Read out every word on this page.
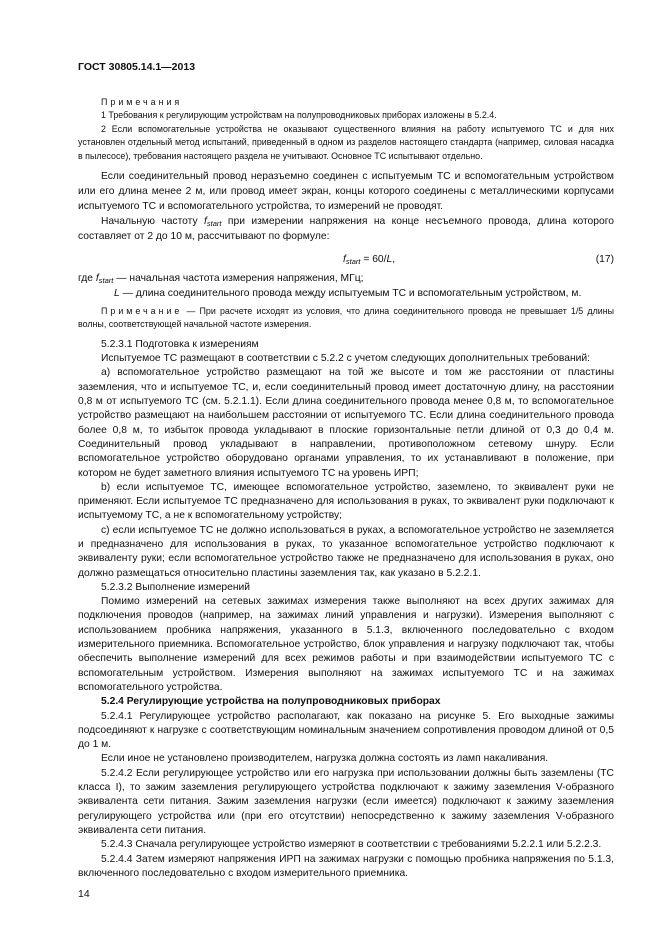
ГОСТ 30805.14.1—2013

Примечания

1 Требования к регулирующим устройствам на полупроводниковых приборах изложены в 5.2.4.

2 Если вспомогательные устройства не оказывают существенного влияния на работу испытуемого ТС и для них установлен отдельный метод испытаний, приведенный в одном из разделов настоящего стандарта (например, силовая насадка в пылесосе), требования настоящего раздела не учитывают. Основное ТС испытывают отдельно.

Если соединительный провод неразъемно соединен с испытуемым ТС и вспомогательным устройством или его длина менее 2 м, или провод имеет экран, концы которого соединены с металлическими корпусами испытуемого ТС и вспомогательного устройства, то измерений не проводят.

Начальную частоту $f_{start}$ при измерении напряжения на конце несъемного провода, длина которого составляет от 2 до 10 м, рассчитывают по формуле:

$f_{start} = 60/L$,	(17)
где $f_{start}$ — начальная частота измерения напряжения, МГц;
L — длина соединительного провода между испытуемым ТС и вспомогательным устройством, м.

Примечание — При расчете исходят из условия, что длина соединительного провода не превышает 1/5 длины волны, соответствующей начальной частоте измерения.

5.2.3.1 Подготовка к измерениям

Испытуемое ТС размещают в соответствии с 5.2.2 с учетом следующих дополнительных требований:

а) вспомогательное устройство размещают на той же высоте и том же расстоянии от пластины заземления, что и испытуемое ТС, и, если соединительный провод имеет достаточную длину, на расстоянии 0,8 м от испытуемого ТС (см. 5.2.1.1). Если длина соединительного провода менее 0,8 м, то вспомогательное устройство размещают на наибольшем расстоянии от испытуемого ТС. Если длина соединительного провода более 0,8 м, то избыток провода укладывают в плоские горизонтальные петли длиной от 0,3 до 0,4 м. Соединительный провод укладывают в направлении, противоположном сетевому шнуру. Если вспомогательное устройство оборудовано органами управления, то их устанавливают в положение, при котором не будет заметного влияния испытуемого ТС на уровень ИРП;

b) если испытуемое ТС, имеющее вспомогательное устройство, заземлено, то эквивалент руки не применяют. Если испытуемое ТС предназначено для использования в руках, то эквивалент руки подключают к испытуемому ТС, а не к вспомогательному устройству;

с) если испытуемое ТС не должно использоваться в руках, а вспомогательное устройство не заземляется и предназначено для использования в руках, то указанное вспомогательное устройство подключают к эквиваленту руки; если вспомогательное устройство также не предназначено для использования в руках, оно должно размещаться относительно пластины заземления так, как указано в 5.2.2.1.

5.2.3.2 Выполнение измерений

Помимо измерений на сетевых зажимах измерения также выполняют на всех других зажимах для подключения проводов (например, на зажимах линий управления и нагрузки). Измерения выполняют с использованием пробника напряжения, указанного в 5.1.3, включенного последовательно с входом измерительного приемника. Вспомогательное устройство, блок управления и нагрузку подключают так, чтобы обеспечить выполнение измерений для всех режимов работы и при взаимодействии испытуемого ТС с вспомогательным устройством. Измерения выполняют на зажимах испытуемого ТС и на зажимах вспомогательного устройства.

5.2.4 Регулирующие устройства на полупроводниковых приборах

5.2.4.1 Регулирующее устройство располагают, как показано на рисунке 5. Его выходные зажимы подсоединяют к нагрузке с соответствующим номинальным значением сопротивления проводом длиной от 0,5 до 1 м.

Если иное не установлено производителем, нагрузка должна состоять из ламп накаливания.

5.2.4.2 Если регулирующее устройство или его нагрузка при использовании должны быть заземлены (ТС класса I), то зажим заземления регулирующего устройства подключают к зажиму заземления V-образного эквивалента сети питания. Зажим заземления нагрузки (если имеется) подключают к зажиму заземления регулирующего устройства или (при его отсутствии) непосредственно к зажиму заземления V-образного эквивалента сети питания.

5.2.4.3 Сначала регулирующее устройство измеряют в соответствии с требованиями 5.2.2.1 или 5.2.2.3.

5.2.4.4 Затем измеряют напряжения ИРП на зажимах нагрузки с помощью пробника напряжения по 5.1.3, включенного последовательно с входом измерительного приемника.

14
